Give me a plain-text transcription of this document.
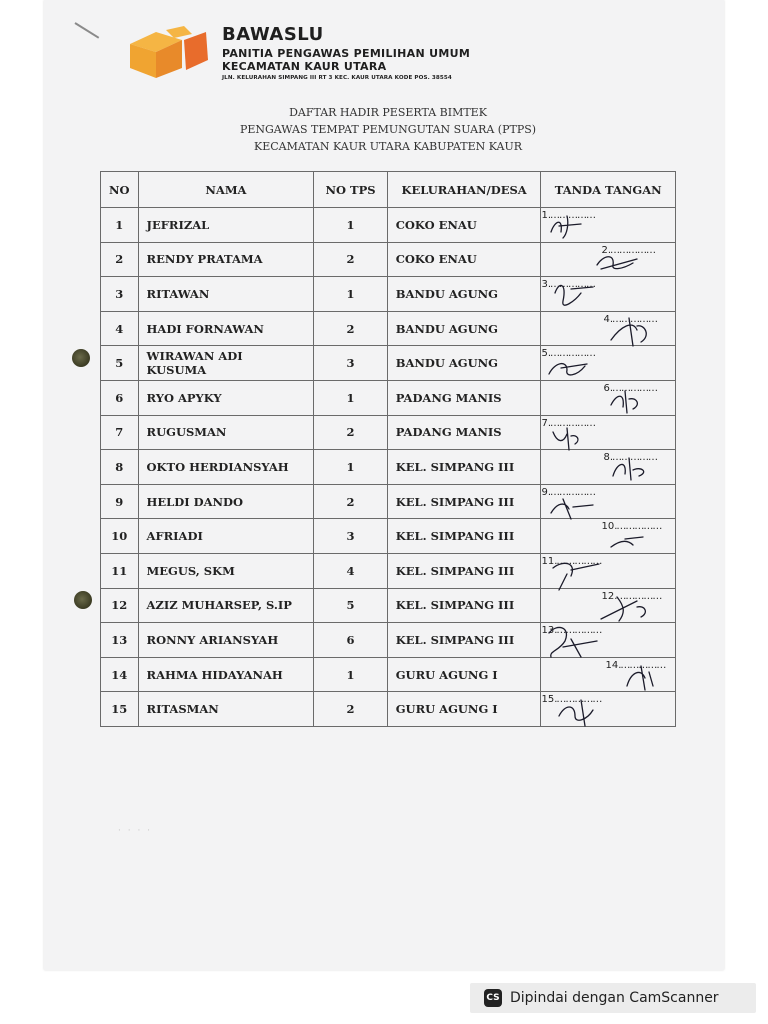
BAWASLU
PANITIA PENGAWAS PEMILIHAN UMUM
KECAMATAN KAUR UTARA
JLN. KELURAHAN SIMPANG III RT 3 KEC. KAUR UTARA KODE POS. 38554
DAFTAR HADIR PESERTA BIMTEK
PENGAWAS TEMPAT PEMUNGUTAN SUARA (PTPS)
KECAMATAN KAUR UTARA KABUPATEN KAUR
NO	NAMA	NO TPS	KELURAHAN/DESA	TANDA TANGAN
1	JEFRIZAL	1	COKO ENAU	1.……………

2	RENDY PRATAMA	2	COKO ENAU	2.……………

3	RITAWAN	1	BANDU AGUNG	3.……………

4	HADI FORNAWAN	2	BANDU AGUNG	4.……………

5	WIRAWAN ADI KUSUMA	3	BANDU AGUNG	5.……………

6	RYO APYKY	1	PADANG MANIS	6.……………

7	RUGUSMAN	2	PADANG MANIS	7.……………

8	OKTO HERDIANSYAH	1	KEL. SIMPANG III	8.……………

9	HELDI DANDO	2	KEL. SIMPANG III	9.……………

10	AFRIADI	3	KEL. SIMPANG III	10.……………

11	MEGUS, SKM	4	KEL. SIMPANG III	11.……………

12	AZIZ MUHARSEP, S.IP	5	KEL. SIMPANG III	12.……………

13	RONNY ARIANSYAH	6	KEL. SIMPANG III	13.……………

14	RAHMA HIDAYANAH	1	GURU AGUNG I	14.……………

15	RITASMAN	2	GURU AGUNG I	15.……………
· · · ·
CS Dipindai dengan CamScanner
